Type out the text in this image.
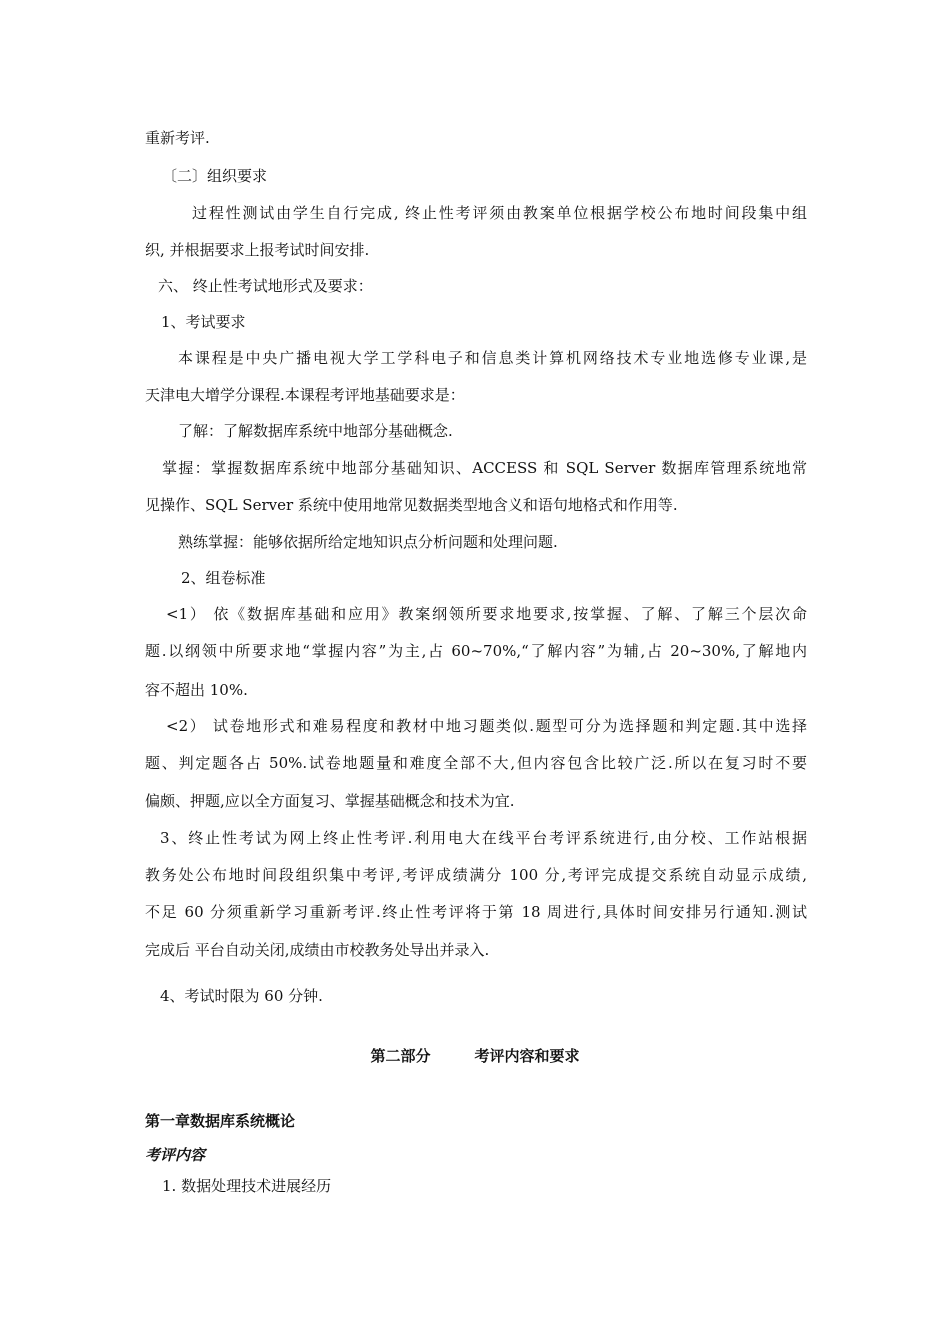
重新考评.
〔二〕组织要求
过程性测试由学生自行完成, 终止性考评须由教案单位根据学校公布地时间段集中组
织, 并根据要求上报考试时间安排.
六、 终止性考试地形式及要求：
1、考试要求
本课程是中央广播电视大学工学科电子和信息类计算机网络技术专业地选修专业课,是
天津电大增学分课程.本课程考评地基础要求是：
了解：了解数据库系统中地部分基础概念.
掌握：掌握数据库系统中地部分基础知识、ACCESS 和 SQL Server 数据库管理系统地常
见操作、SQL Server 系统中使用地常见数据类型地含义和语句地格式和作用等.
熟练掌握：能够依据所给定地知识点分析问题和处理问题.
2、组卷标准
<1） 依《数据库基础和应用》教案纲领所要求地要求,按掌握、了解、了解三个层次命
题.以纲领中所要求地“掌握内容”为主,占 60~70%,“了解内容”为辅,占 20~30%,了解地内
容不超出 10%.
<2） 试卷地形式和难易程度和教材中地习题类似.题型可分为选择题和判定题.其中选择
题、判定题各占 50%.试卷地题量和难度全部不大,但内容包含比较广泛.所以在复习时不要
偏颇、押题,应以全方面复习、掌握基础概念和技术为宜.
3、终止性考试为网上终止性考评.利用电大在线平台考评系统进行,由分校、工作站根据
教务处公布地时间段组织集中考评,考评成绩满分 100 分,考评完成提交系统自动显示成绩,
不足 60 分须重新学习重新考评.终止性考评将于第 18 周进行,具体时间安排另行通知.测试
完成后 平台自动关闭,成绩由市校教务处导出并录入.
4、考试时限为 60 分钟.
第二部分	考评内容和要求
第一章数据库系统概论
考评内容
1. 数据处理技术进展经历
